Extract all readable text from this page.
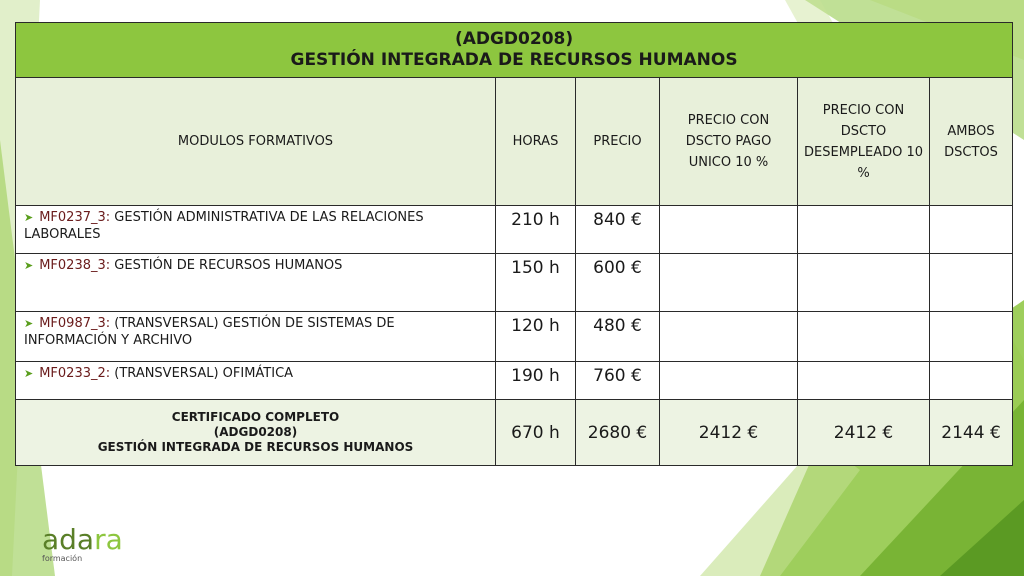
(ADGD0208)
GESTIÓN INTEGRADA DE RECURSOS HUMANOS					

MODULOS FORMATIVOS	HORAS	PRECIO	PRECIO CON DSCTO PAGO UNICO 10 %	PRECIO CON DSCTO DESEMPLEADO 10 %	AMBOS DSCTOS
➤ MF0237_3: GESTIÓN ADMINISTRATIVA DE LAS RELACIONES LABORALES	210 h	840 €			
➤ MF0238_3: GESTIÓN DE RECURSOS HUMANOS	150 h	600 €			
➤ MF0987_3: (TRANSVERSAL) GESTIÓN DE SISTEMAS DE INFORMACIÓN Y ARCHIVO	120 h	480 €			
➤ MF0233_2: (TRANSVERSAL) OFIMÁTICA	190 h	760 €			

CERTIFICADO COMPLETO
(ADGD0208)
GESTIÓN INTEGRADA DE RECURSOS HUMANOS	670 h	2680 €	2412 €	2412 €	2144 €
adara
formación
